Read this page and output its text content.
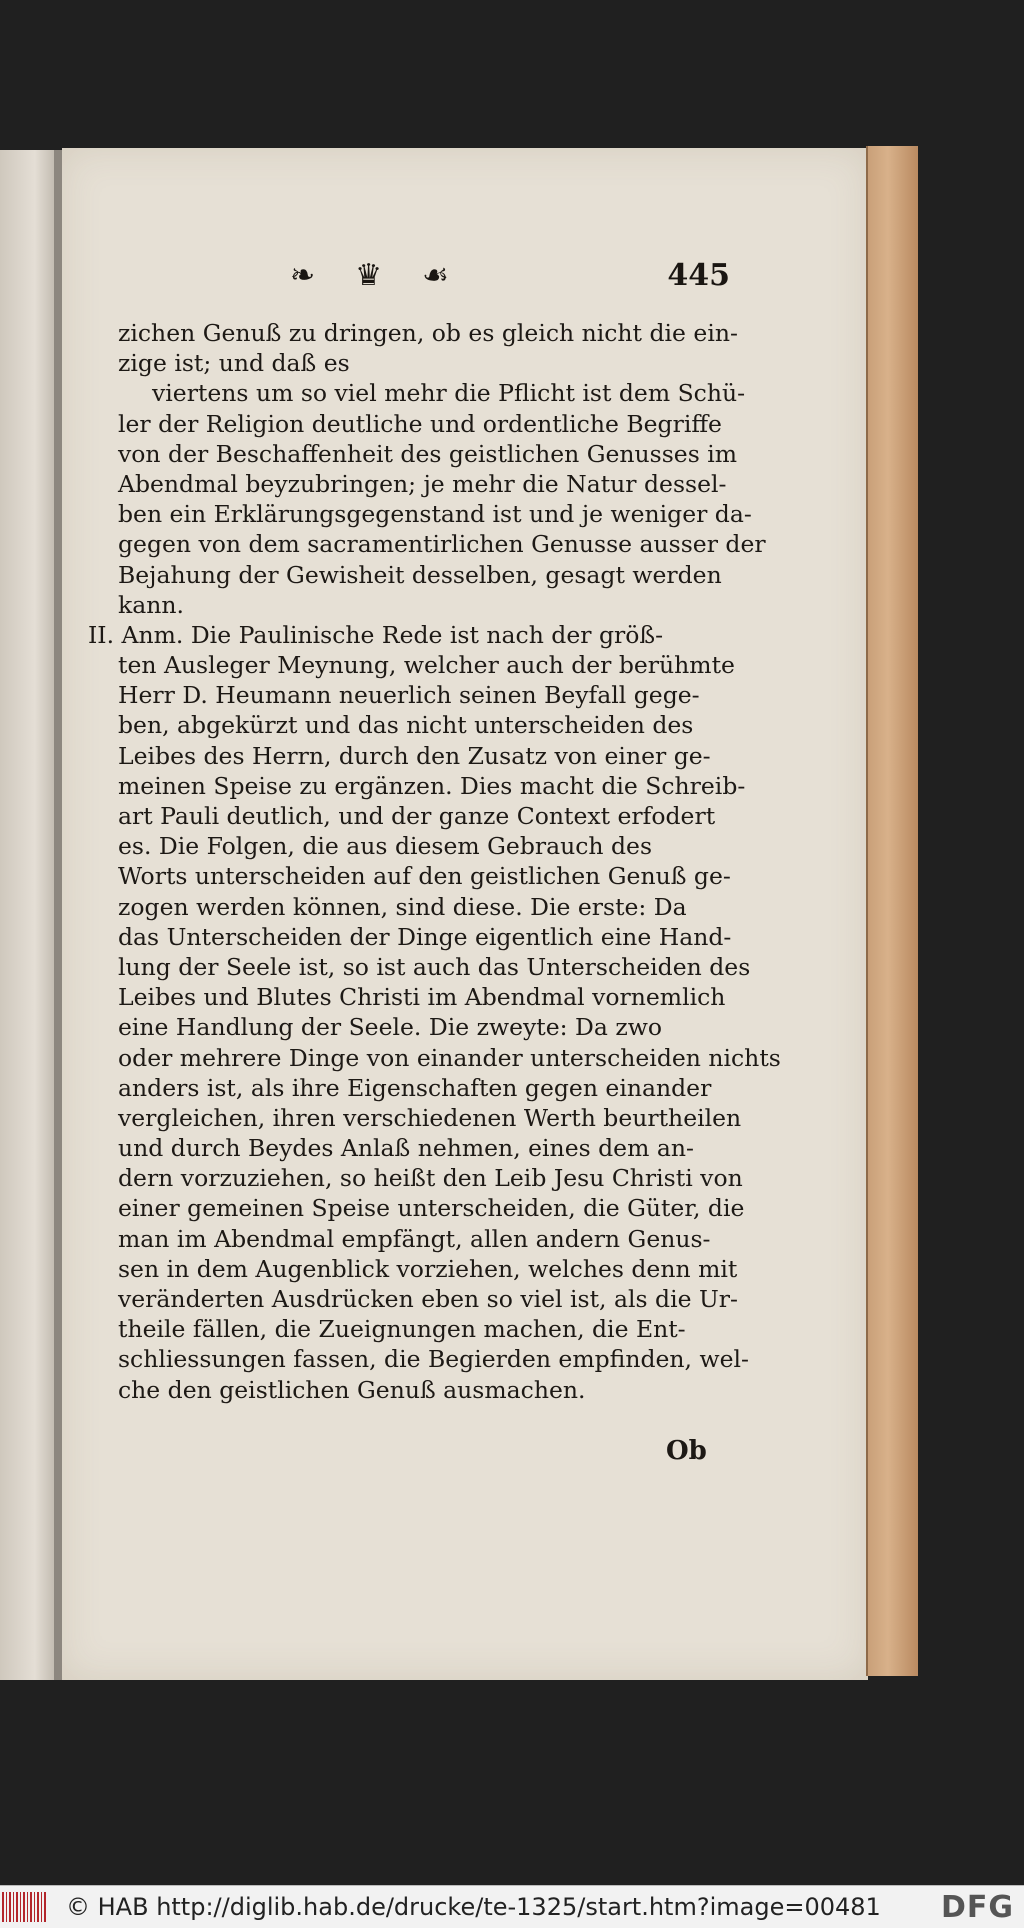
❧ ♛ ☙	445
zichen Genuß zu dringen, ob es gleich nicht die ein-
zige ist; und daß es
viertens um so viel mehr die Pflicht ist dem Schü-
ler der Religion deutliche und ordentliche Begriffe
von der Beschaffenheit des geistlichen Genusses im
Abendmal beyzubringen; je mehr die Natur dessel-
ben ein Erklärungsgegenstand ist und je weniger da-
gegen von dem sacramentirlichen Genusse ausser der
Bejahung der Gewisheit desselben, gesagt werden
kann.
II. Anm. Die Paulinische Rede ist nach der größ-
ten Ausleger Meynung, welcher auch der berühmte
Herr D. Heumann neuerlich seinen Beyfall gege-
ben, abgekürzt und das nicht unterscheiden des
Leibes des Herrn, durch den Zusatz von einer ge-
meinen Speise zu ergänzen. Dies macht die Schreib-
art Pauli deutlich, und der ganze Context erfodert
es. Die Folgen, die aus diesem Gebrauch des
Worts unterscheiden auf den geistlichen Genuß ge-
zogen werden können, sind diese. Die erste: Da
das Unterscheiden der Dinge eigentlich eine Hand-
lung der Seele ist, so ist auch das Unterscheiden des
Leibes und Blutes Christi im Abendmal vornemlich
eine Handlung der Seele. Die zweyte: Da zwo
oder mehrere Dinge von einander unterscheiden nichts
anders ist, als ihre Eigenschaften gegen einander
vergleichen, ihren verschiedenen Werth beurtheilen
und durch Beydes Anlaß nehmen, eines dem an-
dern vorzuziehen, so heißt den Leib Jesu Christi von
einer gemeinen Speise unterscheiden, die Güter, die
man im Abendmal empfängt, allen andern Genus-
sen in dem Augenblick vorziehen, welches denn mit
veränderten Ausdrücken eben so viel ist, als die Ur-
theile fällen, die Zueignungen machen, die Ent-
schliessungen fassen, die Begierden empfinden, wel-
che den geistlichen Genuß ausmachen.
Ob
© HAB http://diglib.hab.de/drucke/te-1325/start.htm?image=00481 DFG
